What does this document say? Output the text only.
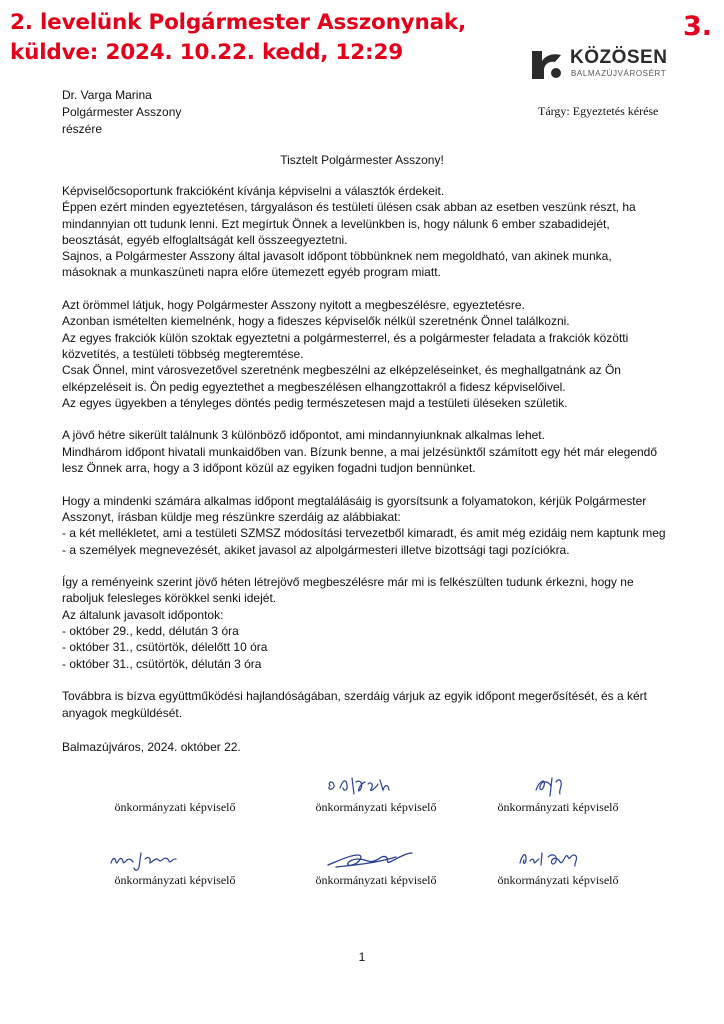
2. levelünk Polgármester Asszonynak,
küldve: 2024. 10.22. kedd, 12:29
3.
KÖZÖSEN
BALMAZÚJVÁROSÉRT
Dr. Varga Marina
Polgármester Asszony
részére
Tárgy: Egyeztetés kérése
Tisztelt Polgármester Asszony!

Képviselőcsoportunk frakcióként kívánja képviselni a választók érdekeit.
Éppen ezért minden egyeztetésen, tárgyaláson és testületi ülésen csak abban az esetben veszünk részt, ha
mindannyian ott tudunk lenni. Ezt megírtuk Önnek a levelünkben is, hogy nálunk 6 ember szabadidejét,
beosztását, egyéb elfoglaltságát kell összeegyeztetni.
Sajnos, a Polgármester Asszony által javasolt időpont többünknek nem megoldható, van akinek munka,
másoknak a munkaszüneti napra előre ütemezett egyéb program miatt.

Azt örömmel látjuk, hogy Polgármester Asszony nyitott a megbeszélésre, egyeztetésre.
Azonban ismételten kiemelnénk, hogy a fideszes képviselők nélkül szeretnénk Önnel találkozni.
Az egyes frakciók külön szoktak egyeztetni a polgármesterrel, és a polgármester feladata a frakciók közötti
közvetítés, a testületi többség megteremtése.
Csak Önnel, mint városvezetővel szeretnénk megbeszélni az elképzeléseinket, és meghallgatnánk az Ön
elképzeléseit is. Ön pedig egyeztethet a megbeszélésen elhangzottakról a fidesz képviselőivel.
Az egyes ügyekben a tényleges döntés pedig természetesen majd a testületi üléseken születik.

A jövő hétre sikerült találnunk 3 különböző időpontot, ami mindannyiunknak alkalmas lehet.
Mindhárom időpont hivatali munkaidőben van. Bízunk benne, a mai jelzésünktől számított egy hét már elegendő
lesz Önnek arra, hogy a 3 időpont közül az egyiken fogadni tudjon bennünket.

Hogy a mindenki számára alkalmas időpont megtalálásáig is gyorsítsunk a folyamatokon, kérjük Polgármester
Asszonyt, írásban küldje meg részünkre szerdáig az alábbiakat:
- a két mellékletet, ami a testületi SZMSZ módosítási tervezetből kimaradt, és amit még ezidáig nem kaptunk meg
- a személyek megnevezését, akiket javasol az alpolgármesteri illetve bizottsági tagi pozíciókra.

Így a reményeink szerint jövő héten létrejövő megbeszélésre már mi is felkészülten tudunk érkezni, hogy ne
raboljuk felesleges körökkel senki idejét.
Az általunk javasolt időpontok:
- október 29., kedd, délután 3 óra
- október 31., csütörtök, délelőtt 10 óra
- október 31., csütörtök, délután 3 óra

Továbbra is bízva együttműködési hajlandóságában, szerdáig várjuk az egyik időpont megerősítését, és a kért
anyagok megküldését.

Balmazújváros, 2024. október 22.
önkormányzati képviselő	önkormányzati képviselő	önkormányzati képviselő
önkormányzati képviselő	önkormányzati képviselő	önkormányzati képviselő
1
